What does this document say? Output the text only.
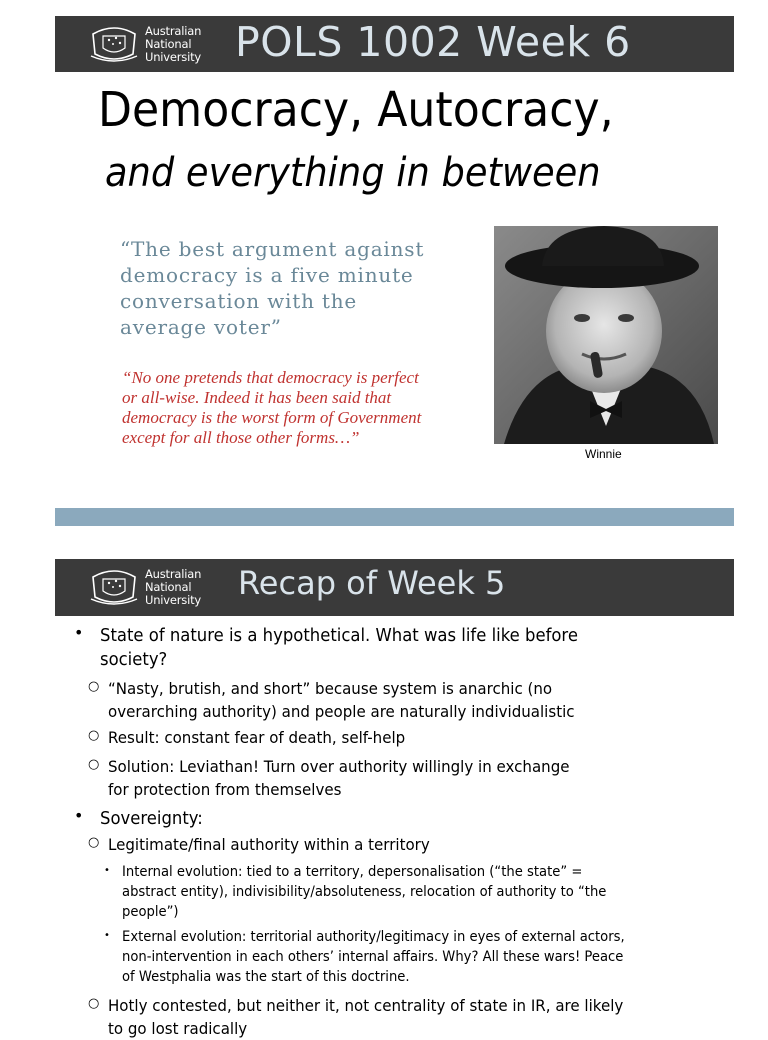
Australian
National
University POLS 1002 Week 6
Democracy, Autocracy,
and everything in between
“The best argument against
democracy is a five minute
conversation with the
average voter”
“No one pretends that democracy is perfect
or all-wise. Indeed it has been said that
democracy is the worst form of Government
except for all those other forms…”
Winnie
Australian
National
University Recap of Week 5
• State of nature is a hypothetical. What was life like before
society?
○ “Nasty, brutish, and short” because system is anarchic (no
overarching authority) and people are naturally individualistic
○ Result: constant fear of death, self-help
○ Solution: Leviathan! Turn over authority willingly in exchange
for protection from themselves
• Sovereignty:
○ Legitimate/final authority within a territory
• Internal evolution: tied to a territory, depersonalisation (“the state” =
abstract entity), indivisibility/absoluteness, relocation of authority to “the
people”)
• External evolution: territorial authority/legitimacy in eyes of external actors,
non-intervention in each others’ internal affairs. Why? All these wars! Peace
of Westphalia was the start of this doctrine.
○ Hotly contested, but neither it, not centrality of state in IR, are likely
to go lost radically
